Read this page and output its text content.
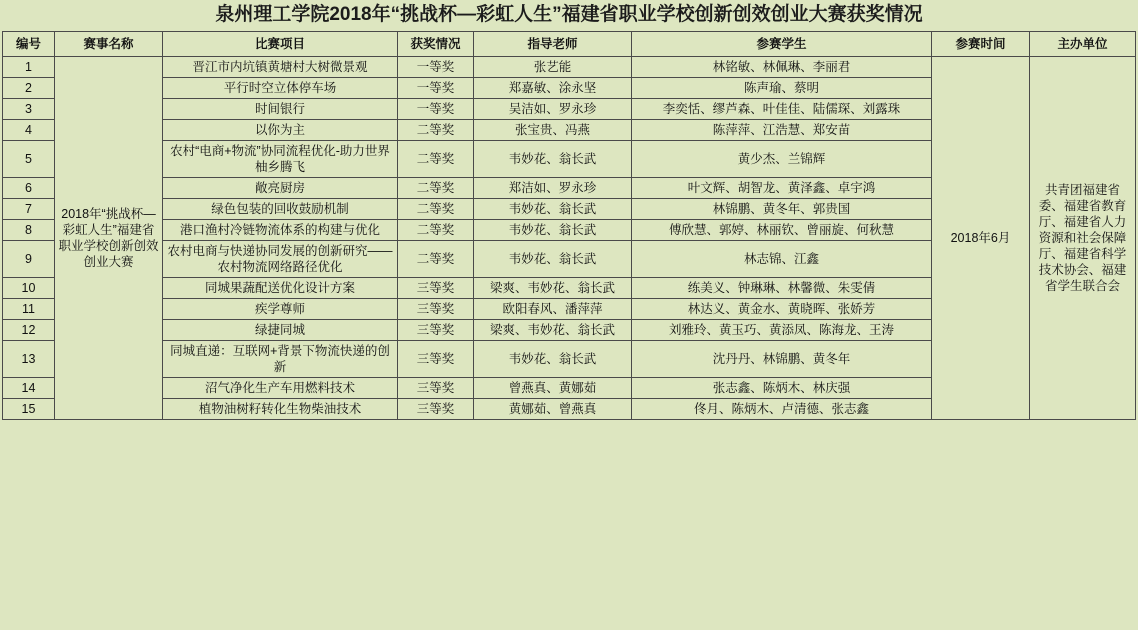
泉州理工学院2018年“挑战杯—彩虹人生”福建省职业学校创新创效创业大赛获奖情况
编号	赛事名称	比赛项目	获奖情况	指导老师	参赛学生	参赛时间	主办单位
1	2018年“挑战杯—彩虹人生”福建省职业学校创新创效创业大赛	晋江市内坑镇黄塘村大树微景观	一等奖	张艺能	林铭敏、林佩琳、李丽君	2018年6月	共青团福建省委、福建省教育厅、福建省人力资源和社会保障厅、福建省科学技术协会、福建省学生联合会
2		平行时空立体停车场	一等奖	郑嘉敏、涂永坚	陈声瑜、蔡明		
3		时间银行	一等奖	吴洁如、罗永珍	李奕恬、缪芦森、叶佳佳、陆儒琛、刘露珠		
4		以你为主	二等奖	张宝贵、冯燕	陈萍萍、江浩慧、郑安苗		
5		农村“电商+物流”协同流程优化-助力世界柚乡腾飞	二等奖	韦妙花、翁长武	黄少杰、兰锦辉		
6		敞亮厨房	二等奖	郑洁如、罗永珍	叶文辉、胡智龙、黄泽鑫、卓宇鸿		
7		绿色包装的回收鼓励机制	二等奖	韦妙花、翁长武	林锦鹏、黄冬年、郭贵国		
8		港口渔村冷链物流体系的构建与优化	二等奖	韦妙花、翁长武	傅欣慧、郭婷、林丽钦、曾丽旋、何秋慧		
9		农村电商与快递协同发展的创新研究——农村物流网络路径优化	二等奖	韦妙花、翁长武	林志锦、江鑫		
10		同城果蔬配送优化设计方案	三等奖	梁爽、韦妙花、翁长武	练美义、钟琳琳、林馨微、朱雯倩		
11		疾学尊师	三等奖	欧阳春风、潘萍萍	林达义、黄金水、黄晓晖、张娇芳		
12		绿捷同城	三等奖	梁爽、韦妙花、翁长武	刘雅玲、黄玉巧、黄添凤、陈海龙、王涛		
13		同城直递：互联网+背景下物流快递的创新	三等奖	韦妙花、翁长武	沈丹丹、林锦鹏、黄冬年		
14		沼气净化生产车用燃料技术	三等奖	曾燕真、黄娜茹	张志鑫、陈炳木、林庆强		
15		植物油树籽转化生物柴油技术	三等奖	黄娜茹、曾燕真	佟月、陈炳木、卢清德、张志鑫		
